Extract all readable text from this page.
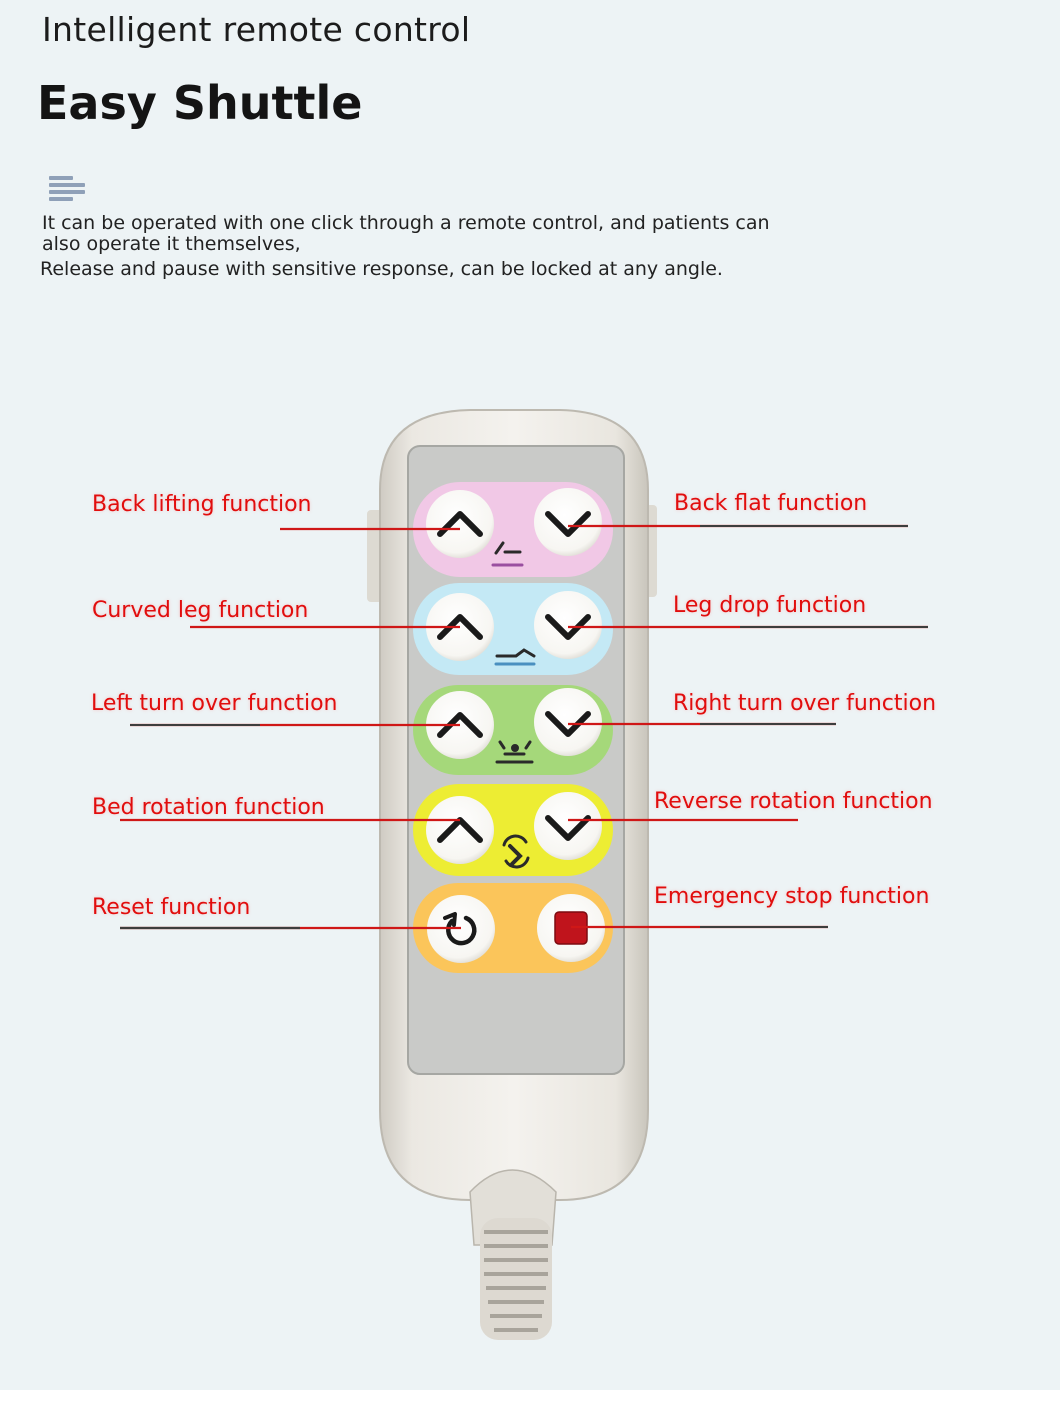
Intelligent remote control
Easy Shuttle
It can be operated with one click through a remote control, and patients can also operate it themselves,
Release and pause with sensitive response, can be locked at any angle.
Back lifting function	Back flat function
Curved leg function	Leg drop function
Left turn over function	Right turn over function
Bed rotation function	Reverse rotation function
Reset function	Emergency stop function
